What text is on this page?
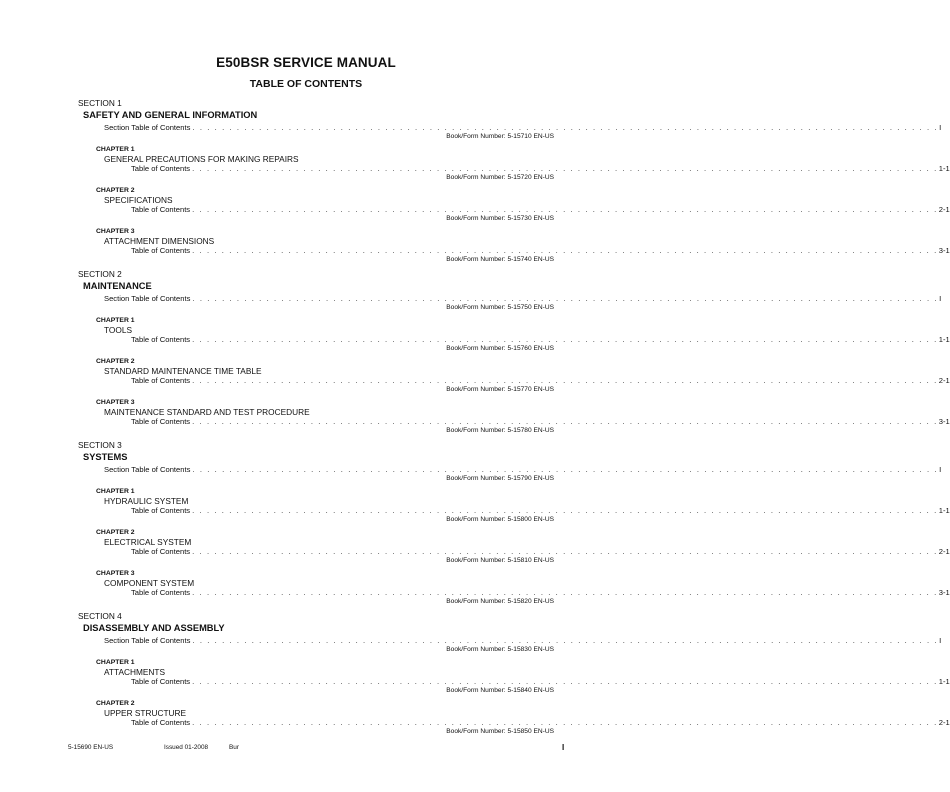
E50BSR SERVICE MANUAL
TABLE OF CONTENTS
SECTION 1
SAFETY AND GENERAL INFORMATION
Section Table of Contents . . . . . . . . . . . . . . . . . . . . . . . . . . . . . . . . . . . . . . . . . . . . . . . . . . . . . . . . . . . . . . . . . . . . . . . . . . . . . . . . . . . . . . . . . . . . . . . . . . . . . I
Book/Form Number: 5-15710 EN-US
CHAPTER 1
GENERAL PRECAUTIONS FOR MAKING REPAIRS
Table of Contents . . . . . . . . . . . . . . . . . . . . . . . . . . . . . . . . . . . . . . . . . . . . . . . . . . . . . . . . . . . . . . . . . . . . . . . . . . . . . . . . . . . . . . . . . . . . . . . . . . . . . 1-1
Book/Form Number: 5-15720 EN-US
CHAPTER 2
SPECIFICATIONS
Table of Contents . . . . . . . . . . . . . . . . . . . . . . . . . . . . . . . . . . . . . . . . . . . . . . . . . . . . . . . . . . . . . . . . . . . . . . . . . . . . . . . . . . . . . . . . . . . . . . . . . . . . . 2-1
Book/Form Number: 5-15730 EN-US
CHAPTER 3
ATTACHMENT DIMENSIONS
Table of Contents . . . . . . . . . . . . . . . . . . . . . . . . . . . . . . . . . . . . . . . . . . . . . . . . . . . . . . . . . . . . . . . . . . . . . . . . . . . . . . . . . . . . . . . . . . . . . . . . . . . . . 3-1
Book/Form Number: 5-15740 EN-US
SECTION 2
MAINTENANCE
Section Table of Contents . . . . . . . . . . . . . . . . . . . . . . . . . . . . . . . . . . . . . . . . . . . . . . . . . . . . . . . . . . . . . . . . . . . . . . . . . . . . . . . . . . . . . . . . . . . . . . . . . . . . . I
Book/Form Number: 5-15750 EN-US
CHAPTER 1
TOOLS
Table of Contents . . . . . . . . . . . . . . . . . . . . . . . . . . . . . . . . . . . . . . . . . . . . . . . . . . . . . . . . . . . . . . . . . . . . . . . . . . . . . . . . . . . . . . . . . . . . . . . . . . . . . 1-1
Book/Form Number: 5-15760 EN-US
CHAPTER 2
STANDARD MAINTENANCE TIME TABLE
Table of Contents . . . . . . . . . . . . . . . . . . . . . . . . . . . . . . . . . . . . . . . . . . . . . . . . . . . . . . . . . . . . . . . . . . . . . . . . . . . . . . . . . . . . . . . . . . . . . . . . . . . . . 2-1
Book/Form Number: 5-15770 EN-US
CHAPTER 3
MAINTENANCE STANDARD AND TEST PROCEDURE
Table of Contents . . . . . . . . . . . . . . . . . . . . . . . . . . . . . . . . . . . . . . . . . . . . . . . . . . . . . . . . . . . . . . . . . . . . . . . . . . . . . . . . . . . . . . . . . . . . . . . . . . . . . 3-1
Book/Form Number: 5-15780 EN-US
SECTION 3
SYSTEMS
Section Table of Contents . . . . . . . . . . . . . . . . . . . . . . . . . . . . . . . . . . . . . . . . . . . . . . . . . . . . . . . . . . . . . . . . . . . . . . . . . . . . . . . . . . . . . . . . . . . . . . . . . . . . . I
Book/Form Number: 5-15790 EN-US
CHAPTER 1
HYDRAULIC SYSTEM
Table of Contents . . . . . . . . . . . . . . . . . . . . . . . . . . . . . . . . . . . . . . . . . . . . . . . . . . . . . . . . . . . . . . . . . . . . . . . . . . . . . . . . . . . . . . . . . . . . . . . . . . . . . 1-1
Book/Form Number: 5-15800 EN-US
CHAPTER 2
ELECTRICAL SYSTEM
Table of Contents . . . . . . . . . . . . . . . . . . . . . . . . . . . . . . . . . . . . . . . . . . . . . . . . . . . . . . . . . . . . . . . . . . . . . . . . . . . . . . . . . . . . . . . . . . . . . . . . . . . . . 2-1
Book/Form Number: 5-15810 EN-US
CHAPTER 3
COMPONENT SYSTEM
Table of Contents . . . . . . . . . . . . . . . . . . . . . . . . . . . . . . . . . . . . . . . . . . . . . . . . . . . . . . . . . . . . . . . . . . . . . . . . . . . . . . . . . . . . . . . . . . . . . . . . . . . . . 3-1
Book/Form Number: 5-15820 EN-US
SECTION 4
DISASSEMBLY AND ASSEMBLY
Section Table of Contents . . . . . . . . . . . . . . . . . . . . . . . . . . . . . . . . . . . . . . . . . . . . . . . . . . . . . . . . . . . . . . . . . . . . . . . . . . . . . . . . . . . . . . . . . . . . . . . . . . . . . I
Book/Form Number: 5-15830 EN-US
CHAPTER 1
ATTACHMENTS
Table of Contents . . . . . . . . . . . . . . . . . . . . . . . . . . . . . . . . . . . . . . . . . . . . . . . . . . . . . . . . . . . . . . . . . . . . . . . . . . . . . . . . . . . . . . . . . . . . . . . . . . . . . 1-1
Book/Form Number: 5-15840 EN-US
CHAPTER 2
UPPER STRUCTURE
Table of Contents . . . . . . . . . . . . . . . . . . . . . . . . . . . . . . . . . . . . . . . . . . . . . . . . . . . . . . . . . . . . . . . . . . . . . . . . . . . . . . . . . . . . . . . . . . . . . . . . . . . . . 2-1
Book/Form Number: 5-15850 EN-US
5-15690 EN-US	Issued 01-2008	Bur	I
